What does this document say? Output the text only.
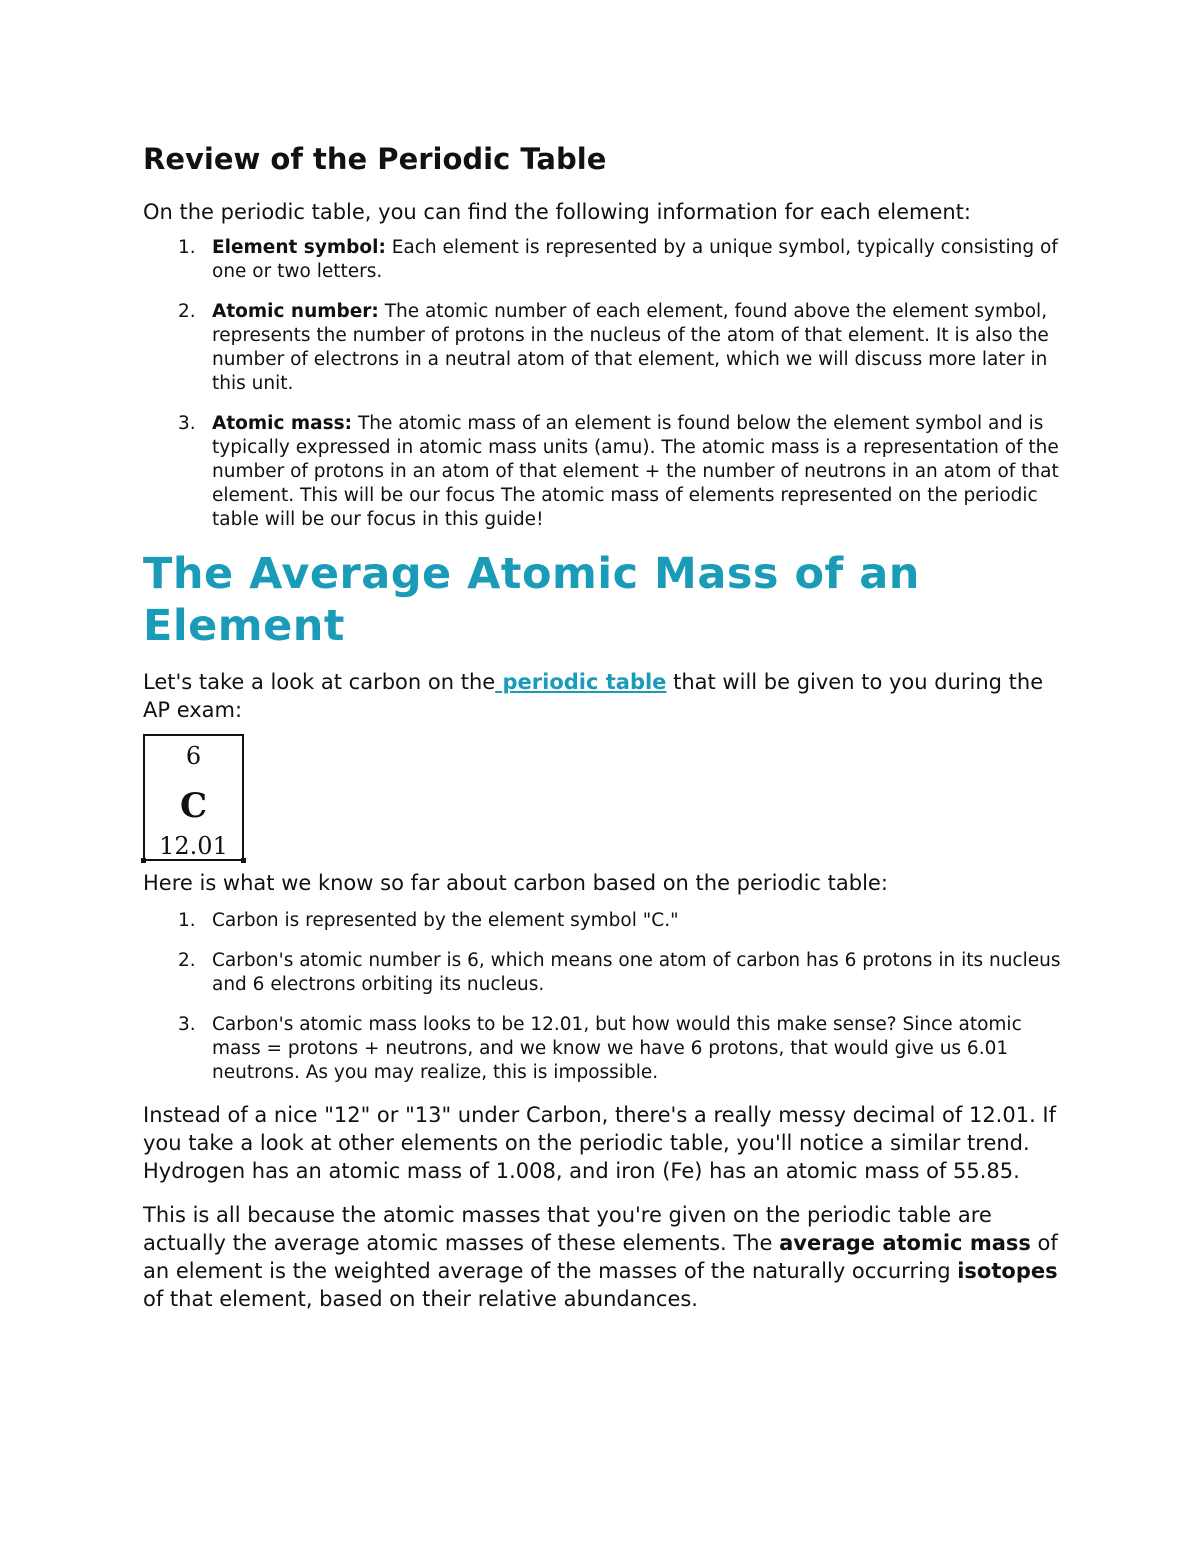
Review of the Periodic Table

On the periodic table, you can find the following information for each element:

1. Element symbol: Each element is represented by a unique symbol, typically consisting of one or two letters.
2. Atomic number: The atomic number of each element, found above the element symbol, represents the number of protons in the nucleus of the atom of that element. It is also the number of electrons in a neutral atom of that element, which we will discuss more later in this unit.
3. Atomic mass: The atomic mass of an element is found below the element symbol and is typically expressed in atomic mass units (amu). The atomic mass is a representation of the number of protons in an atom of that element + the number of neutrons in an atom of that element. This will be our focus The atomic mass of elements represented on the periodic table will be our focus in this guide!
The Average Atomic Mass of an Element

Let's take a look at carbon on the periodic table that will be given to you during the AP exam:

6
C
12.01

Here is what we know so far about carbon based on the periodic table:

1. Carbon is represented by the element symbol "C."
2. Carbon's atomic number is 6, which means one atom of carbon has 6 protons in its nucleus and 6 electrons orbiting its nucleus.
3. Carbon's atomic mass looks to be 12.01, but how would this make sense? Since atomic mass = protons + neutrons, and we know we have 6 protons, that would give us 6.01 neutrons. As you may realize, this is impossible.

Instead of a nice "12" or "13" under Carbon, there's a really messy decimal of 12.01. If you take a look at other elements on the periodic table, you'll notice a similar trend. Hydrogen has an atomic mass of 1.008, and iron (Fe) has an atomic mass of 55.85.

This is all because the atomic masses that you're given on the periodic table are actually the average atomic masses of these elements. The average atomic mass of an element is the weighted average of the masses of the naturally occurring isotopes of that element, based on their relative abundances.
